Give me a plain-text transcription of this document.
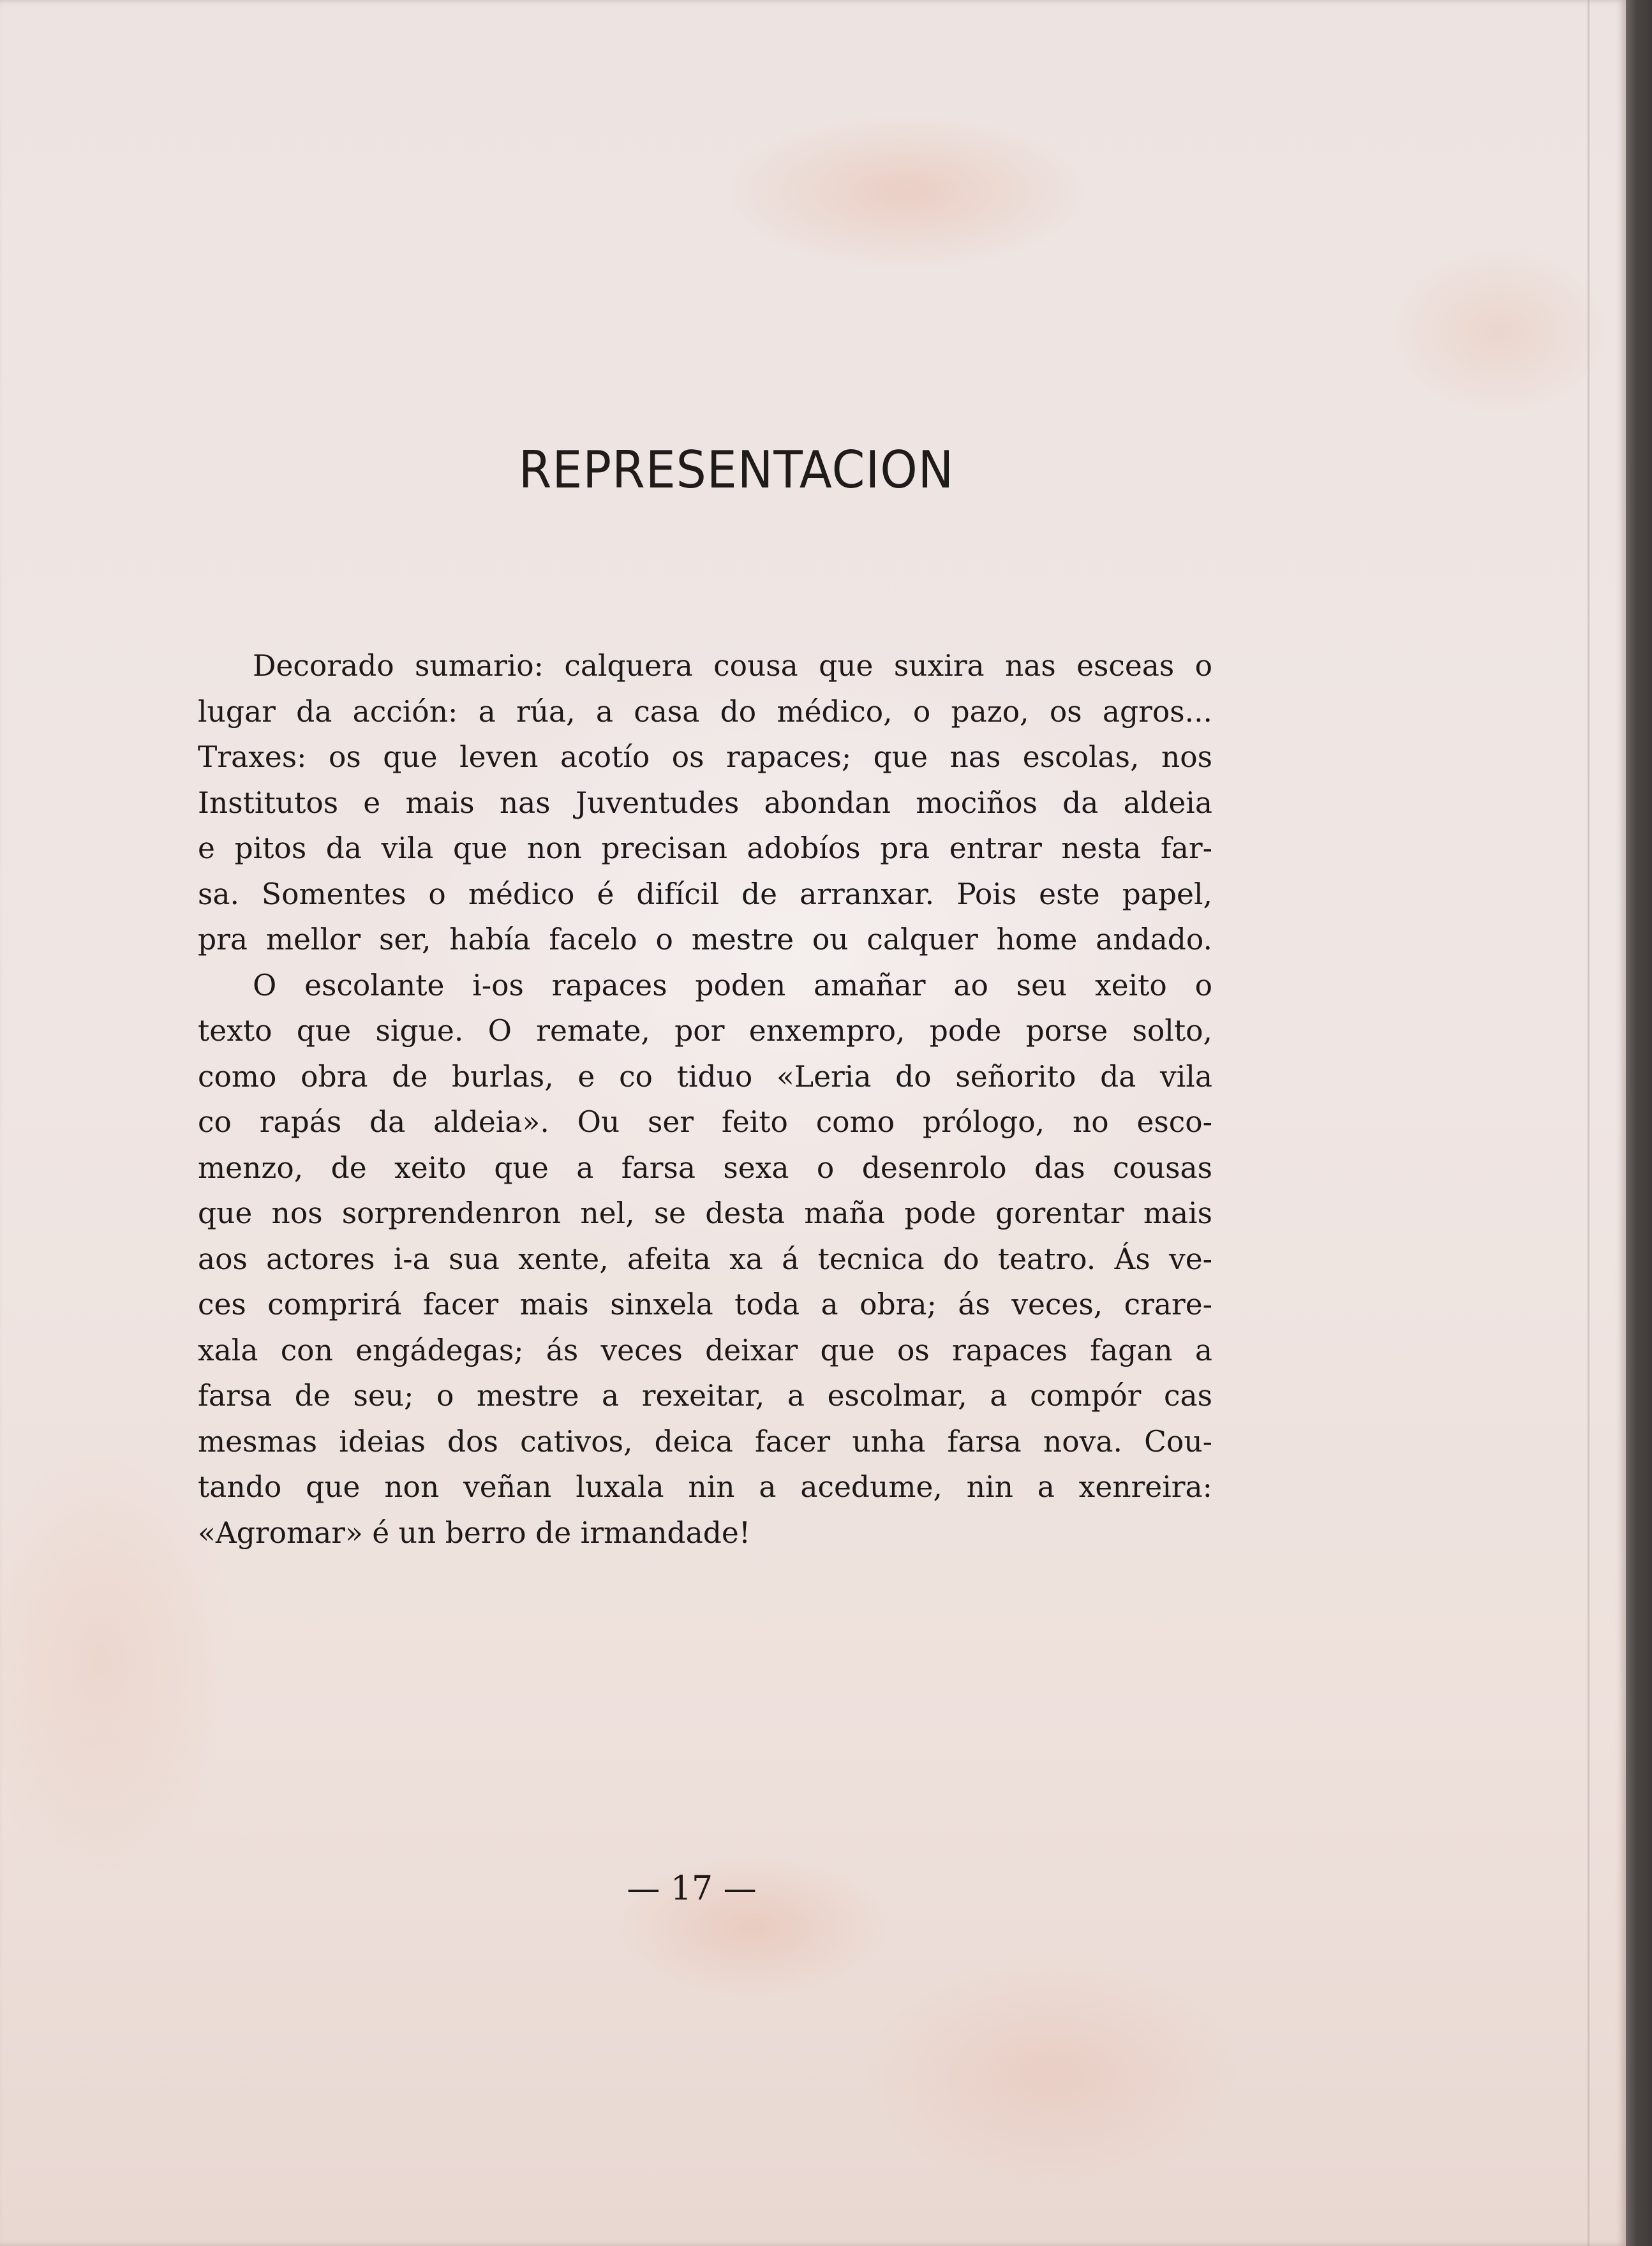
REPRESENTACION
Decorado sumario: calquera cousa que suxira nas esceas o
lugar da acción: a rúa, a casa do médico, o pazo, os agros...
Traxes: os que leven acotío os rapaces; que nas escolas, nos
Institutos e mais nas Juventudes abondan mociños da aldeia
e pitos da vila que non precisan adobíos pra entrar nesta far-
sa. Somentes o médico é difícil de arranxar. Pois este papel,
pra mellor ser, había facelo o mestre ou calquer home andado.
O escolante i-os rapaces poden amañar ao seu xeito o
texto que sigue. O remate, por enxempro, pode porse solto,
como obra de burlas, e co tiduo «Leria do señorito da vila
co rapás da aldeia». Ou ser feito como prólogo, no esco-
menzo, de xeito que a farsa sexa o desenrolo das cousas
que nos sorprendenron nel, se desta maña pode gorentar mais
aos actores i-a sua xente, afeita xa á tecnica do teatro. Ás ve-
ces comprirá facer mais sinxela toda a obra; ás veces, crare-
xala con engádegas; ás veces deixar que os rapaces fagan a
farsa de seu; o mestre a rexeitar, a escolmar, a compór cas
mesmas ideias dos cativos, deica facer unha farsa nova. Cou-
tando que non veñan luxala nin a acedume, nin a xenreira:
«Agromar» é un berro de irmandade!
— 17 —
